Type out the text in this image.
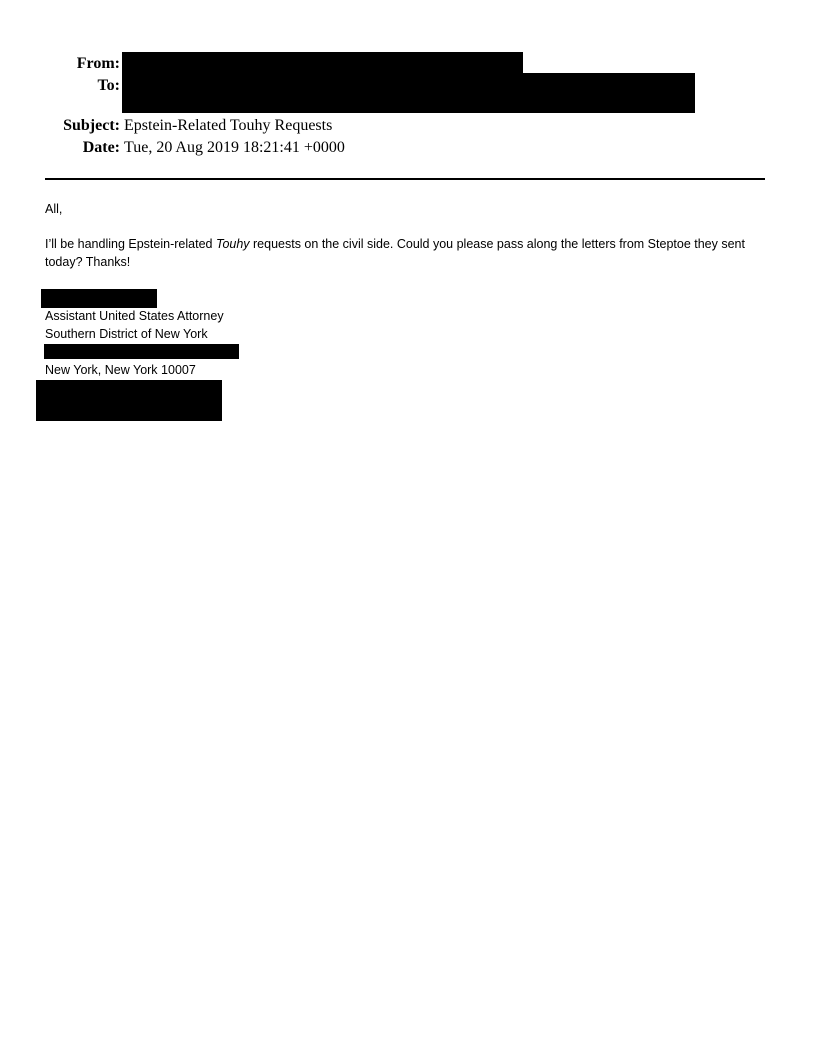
From:
To:
Subject: Epstein-Related Touhy Requests
Date: Tue, 20 Aug 2019 18:21:41 +0000
All,
I’ll be handling Epstein-related Touhy requests on the civil side. Could you please pass along the letters from Steptoe they sent today? Thanks!
Assistant United States Attorney
Southern District of New York
New York, New York 10007
